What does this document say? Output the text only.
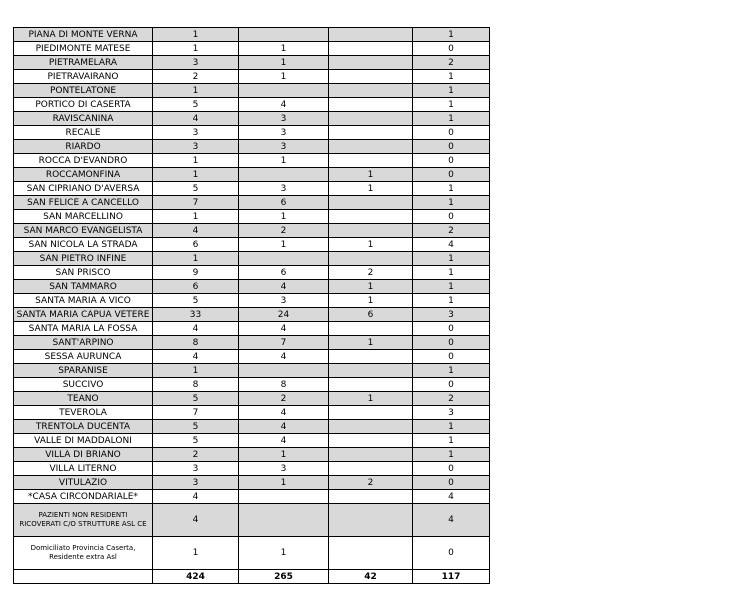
PIANA DI MONTE VERNA	1			1
PIEDIMONTE MATESE	1	1		0
PIETRAMELARA	3	1		2
PIETRAVAIRANO	2	1		1
PONTELATONE	1			1
PORTICO DI CASERTA	5	4		1
RAVISCANINA	4	3		1
RECALE	3	3		0
RIARDO	3	3		0
ROCCA D'EVANDRO	1	1		0
ROCCAMONFINA	1		1	0
SAN CIPRIANO D'AVERSA	5	3	1	1
SAN FELICE A CANCELLO	7	6		1
SAN MARCELLINO	1	1		0
SAN MARCO EVANGELISTA	4	2		2
SAN NICOLA LA STRADA	6	1	1	4
SAN PIETRO INFINE	1			1
SAN PRISCO	9	6	2	1
SAN TAMMARO	6	4	1	1
SANTA MARIA A VICO	5	3	1	1
SANTA MARIA CAPUA VETERE	33	24	6	3
SANTA MARIA LA FOSSA	4	4		0
SANT'ARPINO	8	7	1	0
SESSA AURUNCA	4	4		0
SPARANISE	1			1
SUCCIVO	8	8		0
TEANO	5	2	1	2
TEVEROLA	7	4		3
TRENTOLA DUCENTA	5	4		1
VALLE DI MADDALONI	5	4		1
VILLA DI BRIANO	2	1		1
VILLA LITERNO	3	3		0
VITULAZIO	3	1	2	0
*CASA CIRCONDARIALE*	4			4

PAZIENTI NON RESIDENTI
RICOVERATI C/O STRUTTURE ASL CE	4			4

Domiciliato Provincia Caserta,
Residente extra Asl	1	1		0
	424	265	42	117
